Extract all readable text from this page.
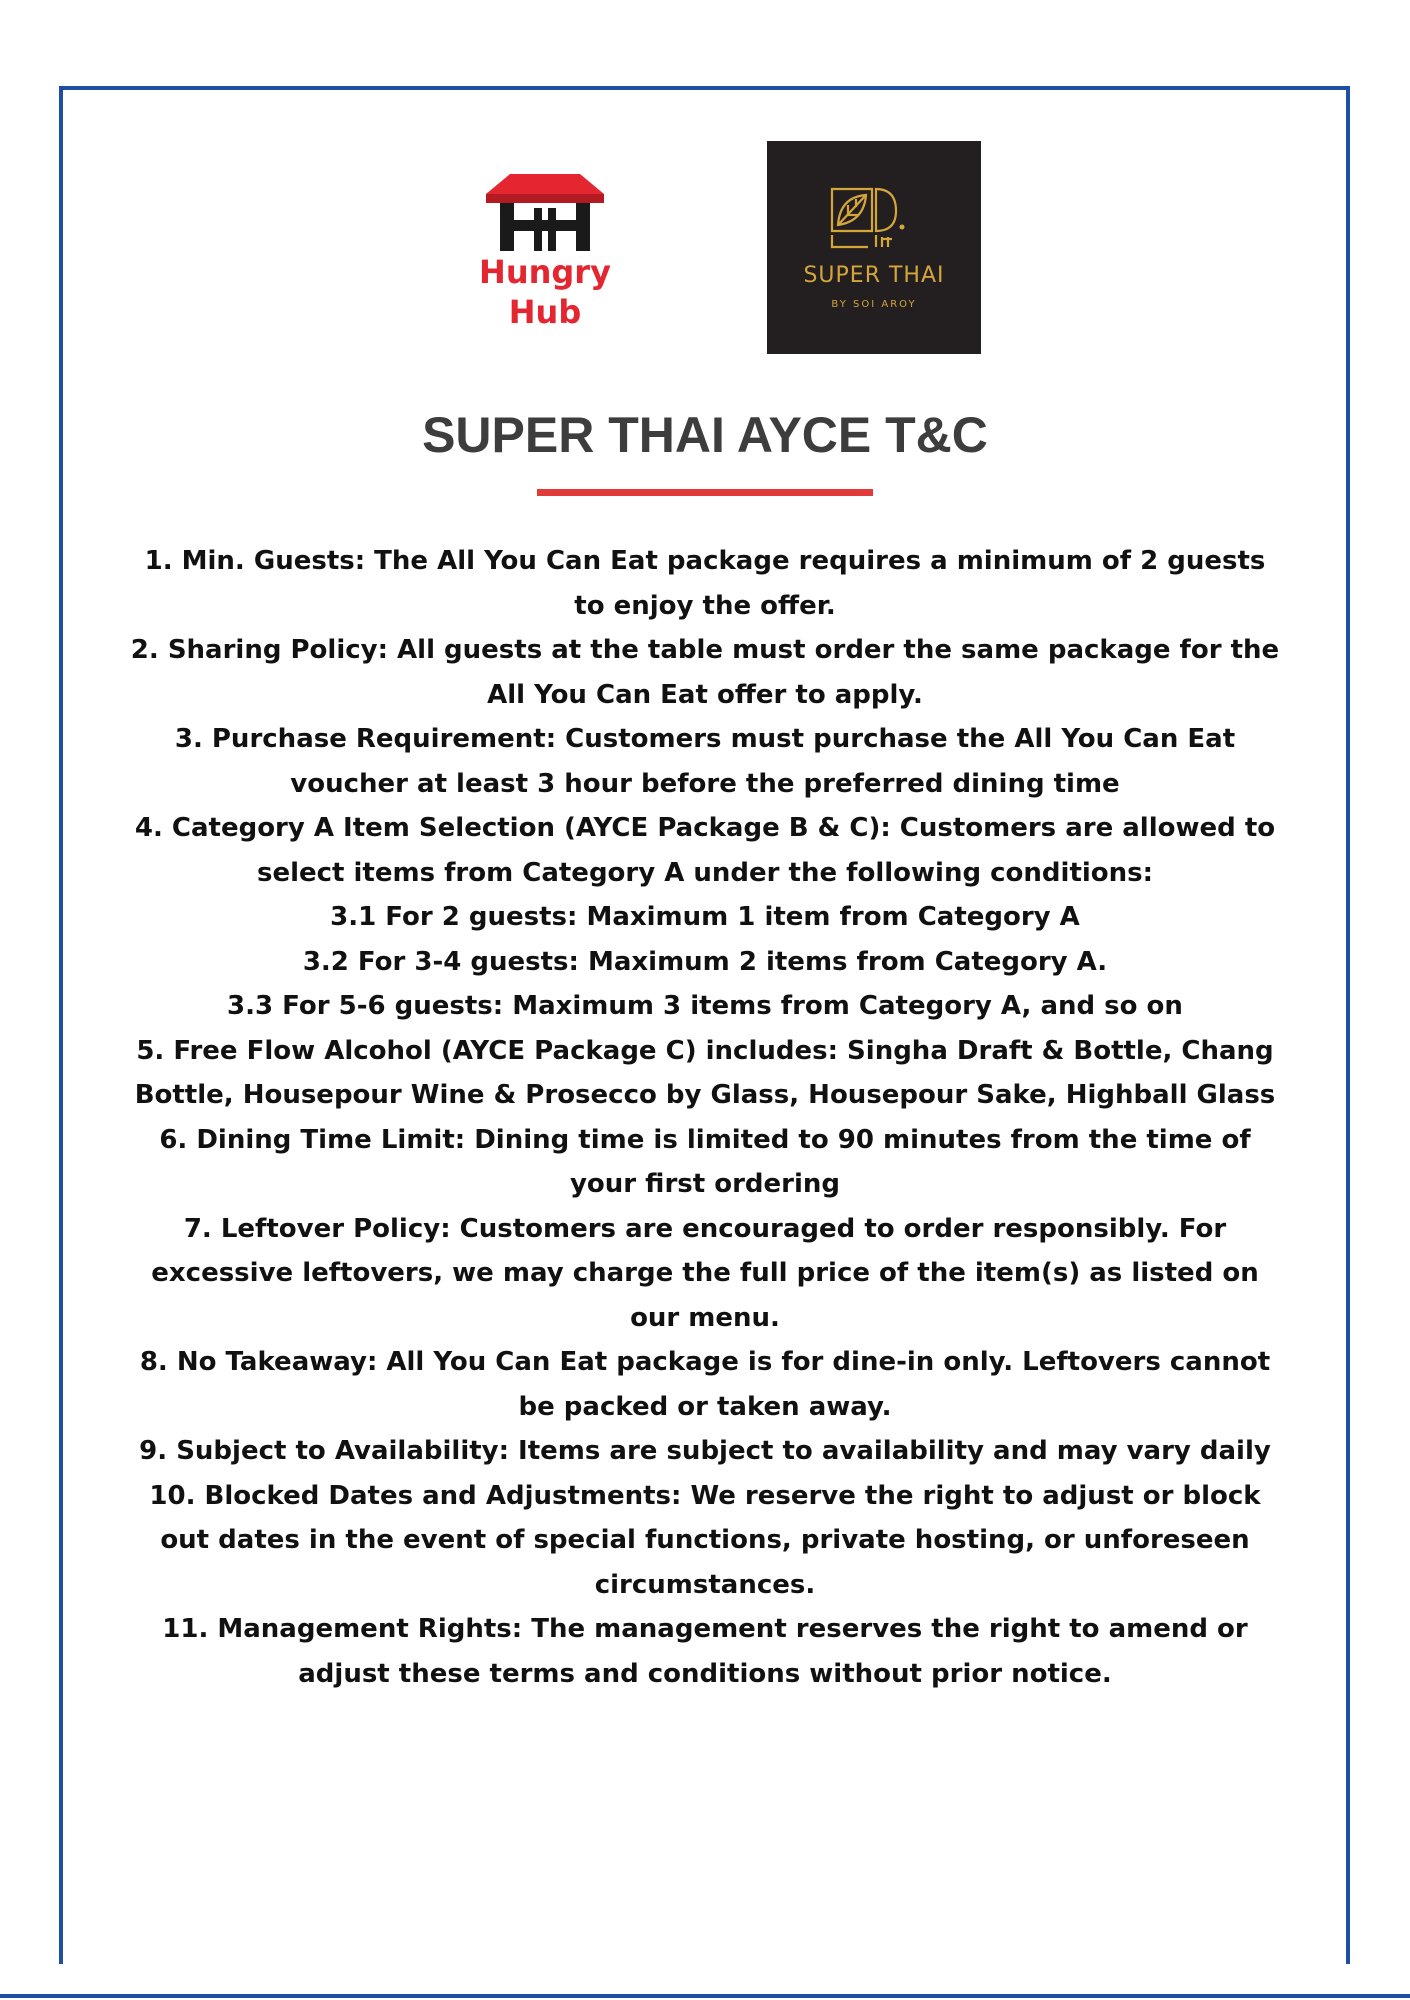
Hungry
Hub
SUPER THAI
BY SOI AROY
SUPER THAI AYCE T&C

1. Min. Guests: The All You Can Eat package requires a minimum of 2 guests to enjoy the offer.

2. Sharing Policy: All guests at the table must order the same package for the All You Can Eat offer to apply.

3. Purchase Requirement: Customers must purchase the All You Can Eat voucher at least 3 hour before the preferred dining time

4. Category A Item Selection (AYCE Package B & C): Customers are allowed to select items from Category A under the following conditions:

3.1 For 2 guests: Maximum 1 item from Category A

3.2 For 3-4 guests: Maximum 2 items from Category A.

3.3 For 5-6 guests: Maximum 3 items from Category A, and so on

5. Free Flow Alcohol (AYCE Package C) includes: Singha Draft & Bottle, Chang Bottle, Housepour Wine & Prosecco by Glass, Housepour Sake, Highball Glass

6. Dining Time Limit: Dining time is limited to 90 minutes from the time of your first ordering

7. Leftover Policy: Customers are encouraged to order responsibly. For excessive leftovers, we may charge the full price of the item(s) as listed on our menu.

8. No Takeaway: All You Can Eat package is for dine-in only. Leftovers cannot be packed or taken away.

9. Subject to Availability: Items are subject to availability and may vary daily

10. Blocked Dates and Adjustments: We reserve the right to adjust or block out dates in the event of special functions, private hosting, or unforeseen circumstances.

11. Management Rights: The management reserves the right to amend or adjust these terms and conditions without prior notice.
